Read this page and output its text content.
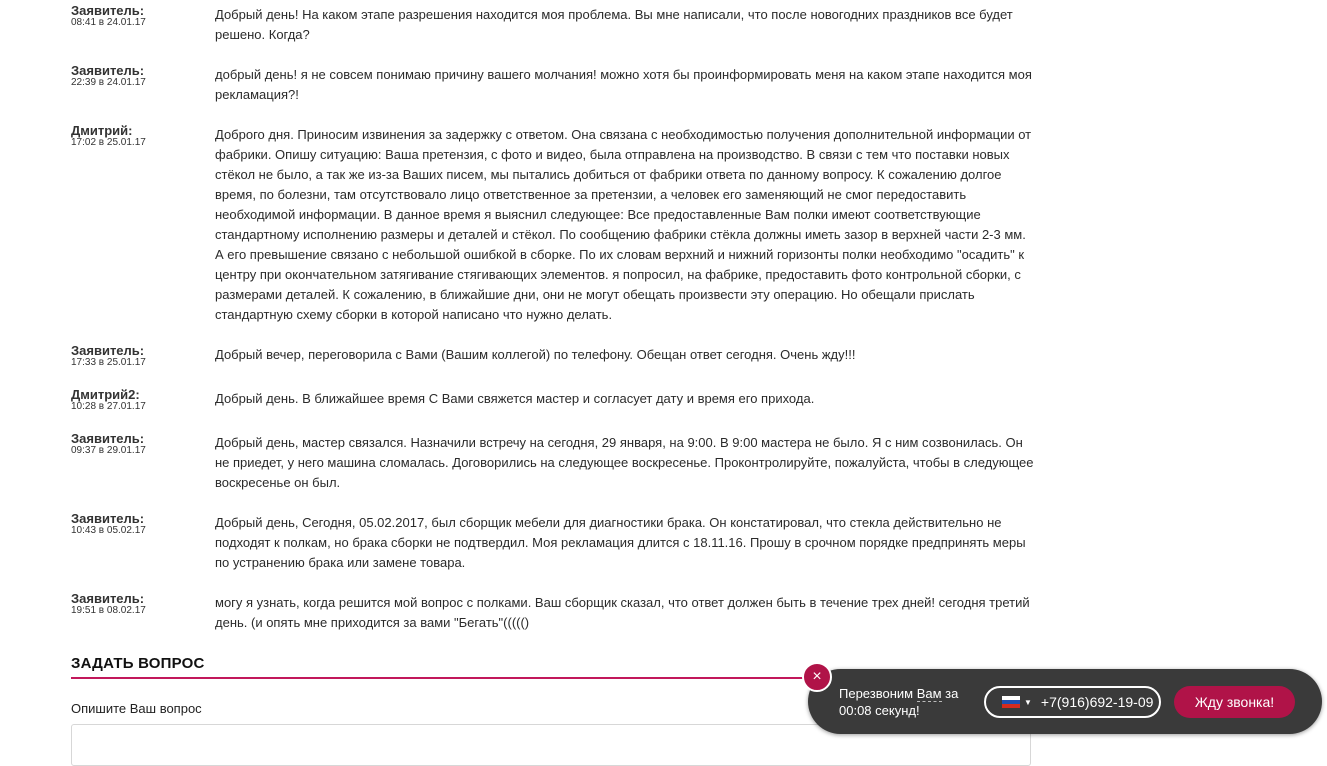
Заявитель:
08:41 в 24.01.17
Добрый день! На каком этапе разрешения находится моя проблема. Вы мне написали, что после новогодних праздников все будет решено. Когда?
Заявитель:
22:39 в 24.01.17
добрый день! я не совсем понимаю причину вашего молчания! можно хотя бы проинформировать меня на каком этапе находится моя рекламация?!
Дмитрий:
17:02 в 25.01.17
Доброго дня. Приносим извинения за задержку с ответом. Она связана с необходимостью получения дополнительной информации от фабрики. Опишу ситуацию: Ваша претензия, с фото и видео, была отправлена на производство. В связи с тем что поставки новых стёкол не было, а так же из-за Ваших писем, мы пытались добиться от фабрики ответа по данному вопросу. К сожалению долгое время, по болезни, там отсутствовало лицо ответственное за претензии, а человек его заменяющий не смог передоставить необходимой информации. В данное время я выяснил следующее: Все предоставленные Вам полки имеют соответствующие стандартному исполнению размеры и деталей и стёкол. По сообщению фабрики стёкла должны иметь зазор в верхней части 2-3 мм. А его превышение связано с небольшой ошибкой в сборке. По их словам верхний и нижний горизонты полки необходимо "осадить" к центру при окончательном затягивание стягивающих элементов. я попросил, на фабрике, предоставить фото контрольной сборки, с размерами деталей. К сожалению, в ближайшие дни, они не могут обещать произвести эту операцию. Но обещали прислать стандартную схему сборки в которой написано что нужно делать.
Заявитель:
17:33 в 25.01.17
Добрый вечер, переговорила с Вами (Вашим коллегой) по телефону. Обещан ответ сегодня. Очень жду!!!
Дмитрий2:
10:28 в 27.01.17
Добрый день. В ближайшее время С Вами свяжется мастер и согласует дату и время его прихода.
Заявитель:
09:37 в 29.01.17
Добрый день, мастер связался. Назначили встречу на сегодня, 29 января, на 9:00. В 9:00 мастера не было. Я с ним созвонилась. Он не приедет, у него машина сломалась. Договорились на следующее воскресенье. Проконтролируйте, пожалуйста, чтобы в следующее воскресенье он был.
Заявитель:
10:43 в 05.02.17
Добрый день, Сегодня, 05.02.2017, был сборщик мебели для диагностики брака. Он констатировал, что стекла действительно не подходят к полкам, но брака сборки не подтвердил. Моя рекламация длится с 18.11.16. Прошу в срочном порядке предпринять меры по устранению брака или замене товара.
Заявитель:
19:51 в 08.02.17
могу я узнать, когда решится мой вопрос с полками. Ваш сборщик сказал, что ответ должен быть в течение трех дней! сегодня третий день. (и опять мне приходится за вами "Бегать"((((()
ЗАДАТЬ ВОПРОС
Опишите Ваш вопрос
×
Перезвоним Вам за 00:08 секунд!
▼ +7(916)692-19-09	Жду звонка!
